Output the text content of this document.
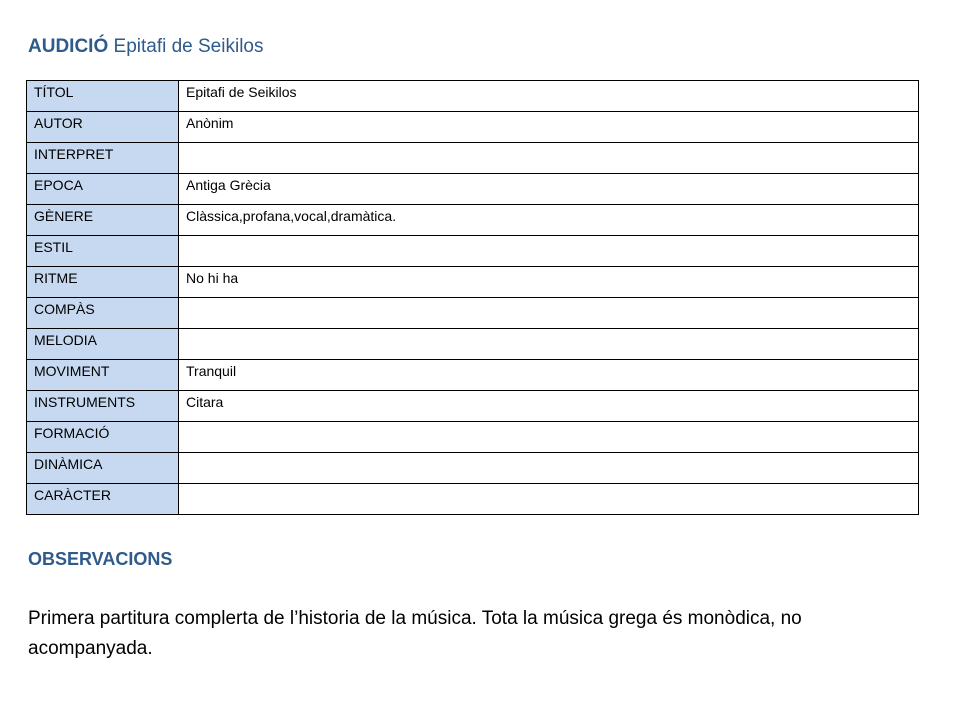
AUDICIÓ Epitafi de Seikilos
TÍTOL	Epitafi de Seikilos
AUTOR	Anònim
INTERPRET	
EPOCA	Antiga Grècia
GÈNERE	Clàssica,profana,vocal,dramàtica.
ESTIL	
RITME	No hi ha
COMPÀS	
MELODIA	
MOVIMENT	Tranquil
INSTRUMENTS	Citara
FORMACIÓ	
DINÀMICA	
CARÀCTER	
OBSERVACIONS
Primera partitura complerta de l’historia de la música. Tota la música grega és monòdica, no acompanyada.
